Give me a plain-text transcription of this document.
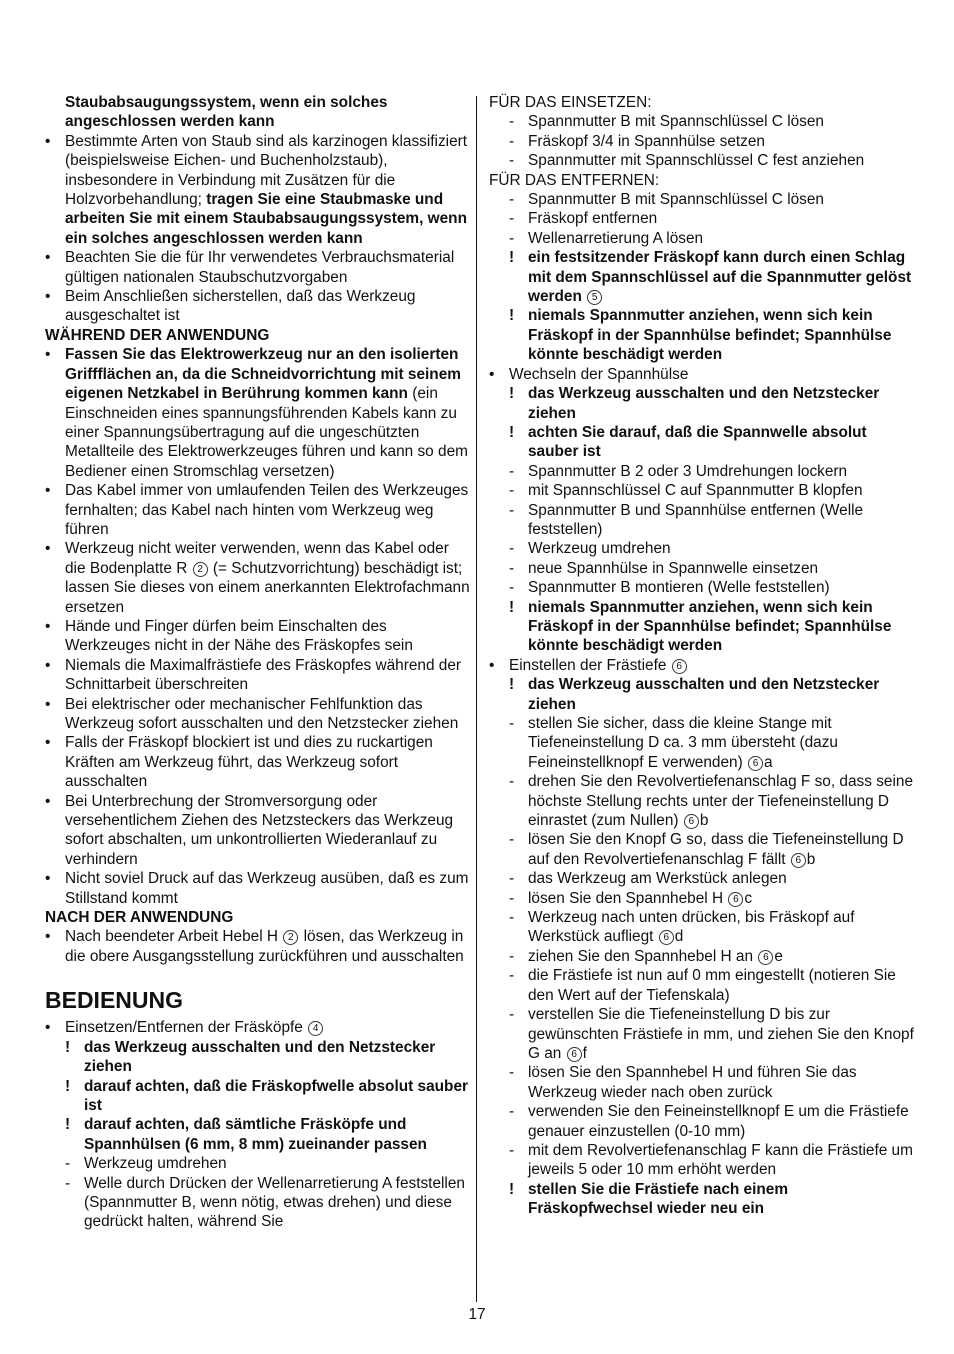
Staubabsaugungssystem, wenn ein solches angeschlossen werden kann
• Bestimmte Arten von Staub sind als karzinogen klassifiziert (beispielsweise Eichen- und Buchenholzstaub), insbesondere in Verbindung mit Zusätzen für die Holzvorbehandlung; tragen Sie eine Staubmaske und arbeiten Sie mit einem Staubabsaugungssystem, wenn ein solches angeschlossen werden kann
• Beachten Sie die für Ihr verwendetes Verbrauchsmaterial gültigen nationalen Staubschutzvorgaben
• Beim Anschließen sicherstellen, daß das Werkzeug ausgeschaltet ist
WÄHREND DER ANWENDUNG
• Fassen Sie das Elektrowerkzeug nur an den isolierten Griffflächen an, da die Schneidvorrichtung mit seinem eigenen Netzkabel in Berührung kommen kann (ein Einschneiden eines spannungsführenden Kabels kann zu einer Spannungsübertragung auf die ungeschützten Metallteile des Elektrowerkzeuges führen und kann so dem Bediener einen Stromschlag versetzen)
• Das Kabel immer von umlaufenden Teilen des Werkzeuges fernhalten; das Kabel nach hinten vom Werkzeug weg führen
• Werkzeug nicht weiter verwenden, wenn das Kabel oder die Bodenplatte R 2 (= Schutzvorrichtung) beschädigt ist; lassen Sie dieses von einem anerkannten Elektrofachmann ersetzen
• Hände und Finger dürfen beim Einschalten des Werkzeuges nicht in der Nähe des Fräskopfes sein
• Niemals die Maximalfrästiefe des Fräskopfes während der Schnittarbeit überschreiten
• Bei elektrischer oder mechanischer Fehlfunktion das Werkzeug sofort ausschalten und den Netzstecker ziehen
• Falls der Fräskopf blockiert ist und dies zu ruckartigen Kräften am Werkzeug führt, das Werkzeug sofort ausschalten
• Bei Unterbrechung der Stromversorgung oder versehentlichem Ziehen des Netzsteckers das Werkzeug sofort abschalten, um unkontrollierten Wiederanlauf zu verhindern
• Nicht soviel Druck auf das Werkzeug ausüben, daß es zum Stillstand kommt
NACH DER ANWENDUNG
• Nach beendeter Arbeit Hebel H 2 lösen, das Werkzeug in die obere Ausgangsstellung zurückführen und ausschalten
BEDIENUNG
• Einsetzen/Entfernen der Fräsköpfe 4
! das Werkzeug ausschalten und den Netzstecker ziehen
! darauf achten, daß die Fräskopfwelle absolut sauber ist
! darauf achten, daß sämtliche Fräsköpfe und Spannhülsen (6 mm, 8 mm) zueinander passen
- Werkzeug umdrehen
- Welle durch Drücken der Wellenarretierung A feststellen (Spannmutter B, wenn nötig, etwas drehen) und diese gedrückt halten, während Sie
FÜR DAS EINSETZEN:
- Spannmutter B mit Spannschlüssel C lösen
- Fräskopf 3/4 in Spannhülse setzen
- Spannmutter mit Spannschlüssel C fest anziehen
FÜR DAS ENTFERNEN:
- Spannmutter B mit Spannschlüssel C lösen
- Fräskopf entfernen
- Wellenarretierung A lösen
! ein festsitzender Fräskopf kann durch einen Schlag mit dem Spannschlüssel auf die Spannmutter gelöst werden 5
! niemals Spannmutter anziehen, wenn sich kein Fräskopf in der Spannhülse befindet; Spannhülse könnte beschädigt werden
• Wechseln der Spannhülse
! das Werkzeug ausschalten und den Netzstecker ziehen
! achten Sie darauf, daß die Spannwelle absolut sauber ist
- Spannmutter B 2 oder 3 Umdrehungen lockern
- mit Spannschlüssel C auf Spannmutter B klopfen
- Spannmutter B und Spannhülse entfernen (Welle feststellen)
- Werkzeug umdrehen
- neue Spannhülse in Spannwelle einsetzen
- Spannmutter B montieren (Welle feststellen)
! niemals Spannmutter anziehen, wenn sich kein Fräskopf in der Spannhülse befindet; Spannhülse könnte beschädigt werden
• Einstellen der Frästiefe 6
! das Werkzeug ausschalten und den Netzstecker ziehen
- stellen Sie sicher, dass die kleine Stange mit Tiefeneinstellung D ca. 3 mm übersteht (dazu Feineinstellknopf E verwenden) 6 a
- drehen Sie den Revolvertiefenanschlag F so, dass seine höchste Stellung rechts unter der Tiefeneinstellung D einrastet (zum Nullen) 6 b
- lösen Sie den Knopf G so, dass die Tiefeneinstellung D auf den Revolvertiefenanschlag F fällt 6 b
- das Werkzeug am Werkstück anlegen
- lösen Sie den Spannhebel H 6 c
- Werkzeug nach unten drücken, bis Fräskopf auf Werkstück aufliegt 6 d
- ziehen Sie den Spannhebel H an 6 e
- die Frästiefe ist nun auf 0 mm eingestellt (notieren Sie den Wert auf der Tiefenskala)
- verstellen Sie die Tiefeneinstellung D bis zur gewünschten Frästiefe in mm, und ziehen Sie den Knopf G an 6 f
- lösen Sie den Spannhebel H und führen Sie das Werkzeug wieder nach oben zurück
- verwenden Sie den Feineinstellknopf E um die Frästiefe genauer einzustellen (0-10 mm)
- mit dem Revolvertiefenanschlag F kann die Frästiefe um jeweils 5 oder 10 mm erhöht werden
! stellen Sie die Frästiefe nach einem Fräskopfwechsel wieder neu ein
17
